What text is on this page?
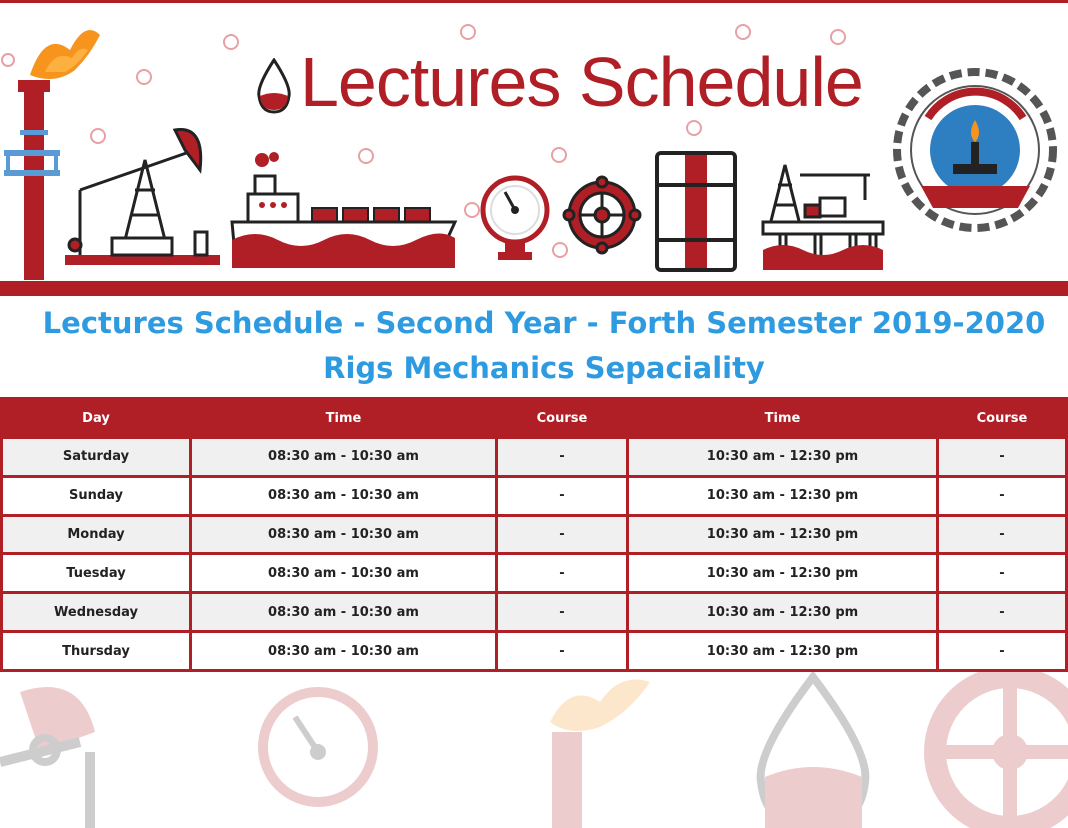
Lectures Schedule
Lectures Schedule - Second Year - Forth Semester 2019-2020
Rigs Mechanics Sepaciality
Day	Time	Course	Time	Course
Saturday	08:30 am - 10:30 am	-	10:30 am - 12:30 pm	-
Sunday	08:30 am - 10:30 am	-	10:30 am - 12:30 pm	-
Monday	08:30 am - 10:30 am	-	10:30 am - 12:30 pm	-
Tuesday	08:30 am - 10:30 am	-	10:30 am - 12:30 pm	-
Wednesday	08:30 am - 10:30 am	-	10:30 am - 12:30 pm	-
Thursday	08:30 am - 10:30 am	-	10:30 am - 12:30 pm	-
